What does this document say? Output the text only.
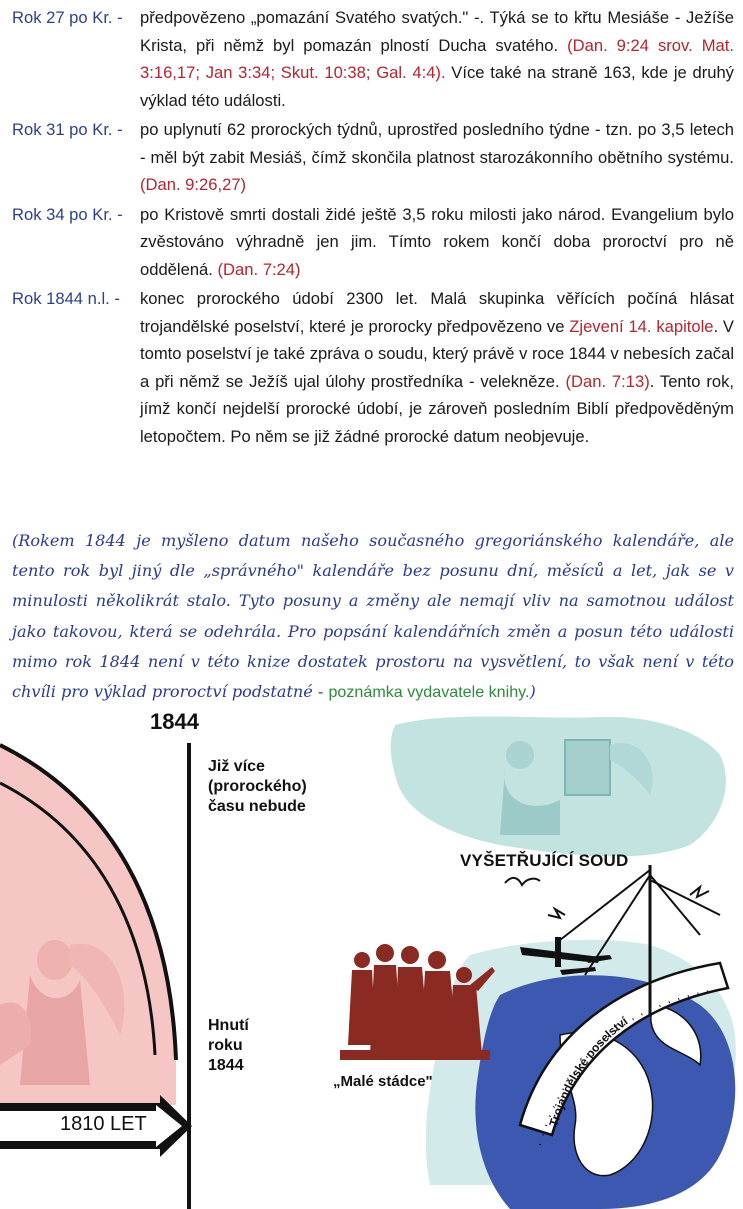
Rok 27 po Kr. -	předpovězeno „pomazání Svatého svatých." -. Týká se to křtu Mesiáše - Ježíše Krista, při němž byl pomazán plností Ducha svatého. (Dan. 9:24 srov. Mat. 3:16,17; Jan 3:34; Skut. 10:38; Gal. 4:4). Více také na straně 163, kde je druhý výklad této události.
Rok 31 po Kr. -	po uplynutí 62 prorockých týdnů, uprostřed posledního týdne - tzn. po 3,5 letech - měl být zabit Mesiáš, čímž skončila platnost starozákonního obětního systému. (Dan. 9:26,27)
Rok 34 po Kr. -	po Kristově smrti dostali židé ještě 3,5 roku milosti jako národ. Evangelium bylo zvěstováno výhradně jen jim. Tímto rokem končí doba proroctví pro ně oddělená. (Dan. 7:24)
Rok 1844 n.l. -	konec prorockého údobí 2300 let. Malá skupinka věřících počíná hlásat trojandělské poselství, které je prorocky předpovězeno ve Zjevení 14. kapitole. V tomto poselství je také zpráva o soudu, který právě v roce 1844 v nebesích začal a při němž se Ježíš ujal úlohy prostředníka - velekněze. (Dan. 7:13). Tento rok, jímž končí nejdelší prorocké údobí, je zároveň posledním Biblí předpověděným letopočtem. Po něm se již žádné prorocké datum neobjevuje.
(Rokem 1844 je myšleno datum našeho současného gregoriánského kalendáře, ale tento rok byl jiný dle „správného" kalendáře bez posunu dní, měsíců a let, jak se v minulosti několikrát stalo. Tyto posuny a změny ale nemají vliv na samotnou událost jako takovou, která se odehrála. Pro popsání kalendářních změn a posun této události mimo rok 1844 není v této knize dostatek prostoru na vysvětlení, to však není v této chvíli pro výklad proroctví podstatné - poznámka vydavatele knihy.)
1844
Již více
(prorockého)
času nebude
Hnutí
roku
1844
„Malé stádce"
VYŠETŘUJÍCÍ SOUD
1810 LET	Trojandělské poselství
